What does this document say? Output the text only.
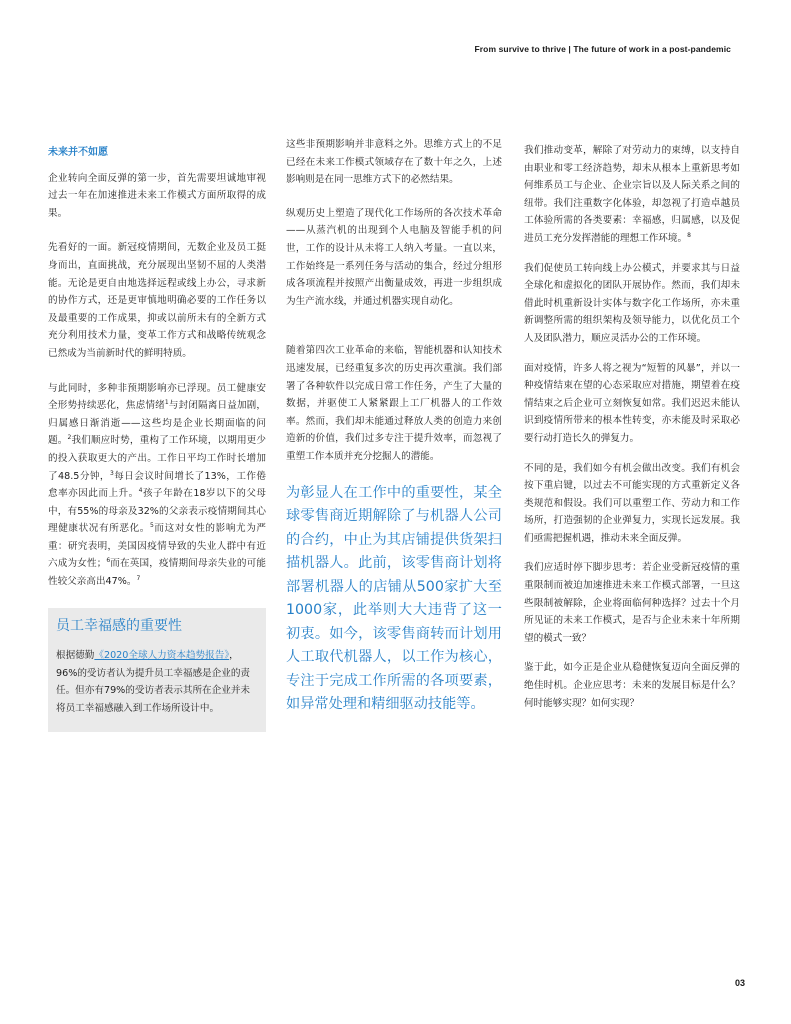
From survive to thrive | The future of work in a post-pandemic
未来并不如愿

企业转向全面反弹的第一步，首先需要坦诚地审视过去一年在加速推进未来工作模式方面所取得的成果。

先看好的一面。新冠疫情期间，无数企业及员工挺身而出，直面挑战，充分展现出坚韧不屈的人类潜能。无论是更自由地选择远程或线上办公，寻求新的协作方式，还是更审慎地明确必要的工作任务以及最重要的工作成果，抑或以前所未有的全新方式充分利用技术力量，变革工作方式和战略传统观念已然成为当前新时代的鲜明特质。

与此同时，多种非预期影响亦已浮现。员工健康安全形势持续恶化，焦虑情绪$^1$与封闭隔离日益加剧，归属感日渐消逝——这些均是企业长期面临的问题。$^2$我们顺应时势，重构了工作环境，以期用更少的投入获取更大的产出。工作日平均工作时长增加了48.5分钟，$^3$每日会议时间增长了13%，工作倦怠率亦因此而上升。$^4$孩子年龄在18岁以下的父母中，有55%的母亲及32%的父亲表示疫情期间其心理健康状况有所恶化。$^5$而这对女性的影响尤为严重：研究表明，美国因疫情导致的失业人群中有近六成为女性；$^6$而在英国，疫情期间母亲失业的可能性较父亲高出47%。$^7$

员工幸福感的重要性
根据德勤《2020全球人力资本趋势报告》，96%的受访者认为提升员工幸福感是企业的责任。但亦有79%的受访者表示其所在企业并未将员工幸福感融入到工作场所设计中。

这些非预期影响并非意料之外。思维方式上的不足已经在未来工作模式领域存在了数十年之久，上述影响则是在同一思维方式下的必然结果。

纵观历史上塑造了现代化工作场所的各次技术革命——从蒸汽机的出现到个人电脑及智能手机的问世，工作的设计从未将工人纳入考量。一直以来，工作始终是一系列任务与活动的集合，经过分组形成各项流程并按照产出衡量成效，再进一步组织成为生产流水线，并通过机器实现自动化。

随着第四次工业革命的来临，智能机器和认知技术迅速发展，已经重复多次的历史再次重演。我们部署了各种软件以完成日常工作任务，产生了大量的数据，并驱使工人紧紧跟上工厂机器人的工作效率。然而，我们却未能通过释放人类的创造力来创造新的价值，我们过多专注于提升效率，而忽视了重塑工作本质并充分挖掘人的潜能。

为彰显人在工作中的重要性，某全球零售商近期解除了与机器人公司的合约，中止为其店铺提供货架扫描机器人。此前，该零售商计划将部署机器人的店铺从500家扩大至1000家，此举则大大违背了这一初衷。如今，该零售商转而计划用人工取代机器人，以工作为核心，专注于完成工作所需的各项要素，如异常处理和精细驱动技能等。

我们推动变革，解除了对劳动力的束缚，以支持自由职业和零工经济趋势，却未从根本上重新思考如何维系员工与企业、企业宗旨以及人际关系之间的纽带。我们注重数字化体验，却忽视了打造卓越员工体验所需的各类要素：幸福感，归属感，以及促进员工充分发挥潜能的理想工作环境。$^8$

我们促使员工转向线上办公模式，并要求其与日益全球化和虚拟化的团队开展协作。然而，我们却未借此时机重新设计实体与数字化工作场所，亦未重新调整所需的组织架构及领导能力，以优化员工个人及团队潜力，顺应灵活办公的工作环境。

面对疫情，许多人将之视为“短暂的风暴”，并以一种疫情结束在望的心态采取应对措施，期望着在疫情结束之后企业可立刻恢复如常。我们迟迟未能认识到疫情所带来的根本性转变，亦未能及时采取必要行动打造长久的弹复力。

不同的是，我们如今有机会做出改变。我们有机会按下重启键，以过去不可能实现的方式重新定义各类规范和假设。我们可以重塑工作、劳动力和工作场所，打造强韧的企业弹复力，实现长远发展。我们亟需把握机遇，推动未来全面反弹。

我们应适时停下脚步思考：若企业受新冠疫情的重重限制而被迫加速推进未来工作模式部署，一旦这些限制被解除，企业将面临何种选择？过去十个月所见证的未来工作模式，是否与企业未来十年所期望的模式一致？

鉴于此，如今正是企业从稳健恢复迈向全面反弹的绝佳时机。企业应思考：未来的发展目标是什么？何时能够实现？如何实现？

03
